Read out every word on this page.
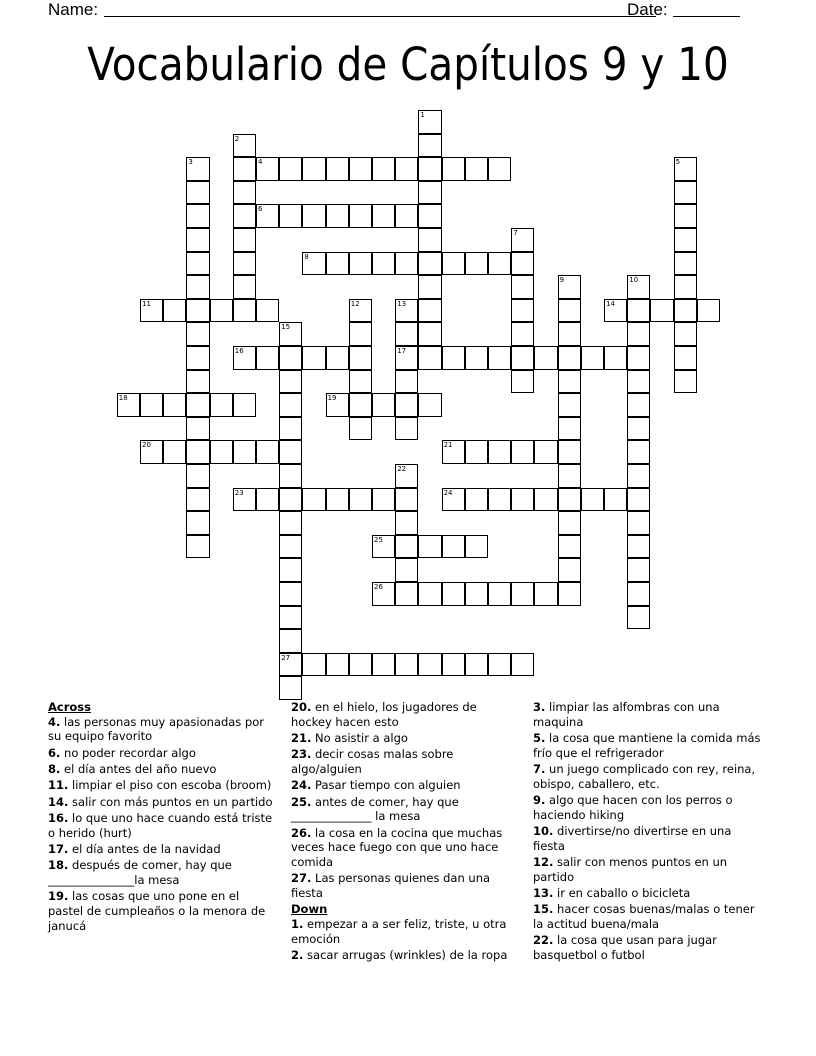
Name:	Date:
Vocabulario de Capítulos 9 y 10
1
2
3	4	5
6
7
8
9	10
11	12	13
17
14
15
27
16
18	19
20	21
22
23	24
25
26
Across
4. las personas muy apasionadas por su equipo favorito
6. no poder recordar algo
8. el día antes del año nuevo
11. limpiar el piso con escoba (broom)
14. salir con más puntos en un partido
16. lo que uno hace cuando está triste o herido (hurt)
17. el día antes de la navidad
18. después de comer, hay que _______________la mesa
19. las cosas que uno pone en el pastel de cumpleaños o la menora de janucá
20. en el hielo, los jugadores de hockey hacen esto
21. No asistir a algo
23. decir cosas malas sobre algo/alguien
24. Pasar tiempo con alguien
25. antes de comer, hay que ______________ la mesa
26. la cosa en la cocina que muchas veces hace fuego con que uno hace comida
27. Las personas quienes dan una fiesta
Down
1. empezar a a ser feliz, triste, u otra emoción
2. sacar arrugas (wrinkles) de la ropa
3. limpiar las alfombras con una maquina
5. la cosa que mantiene la comida más frío que el refrigerador
7. un juego complicado con rey, reina, obispo, caballero, etc.
9. algo que hacen con los perros o haciendo hiking
10. divertirse/no divertirse en una fiesta
12. salir con menos puntos en un partido
13. ir en caballo o bicicleta
15. hacer cosas buenas/malas o tener la actitud buena/mala
22. la cosa que usan para jugar basquetbol o futbol
